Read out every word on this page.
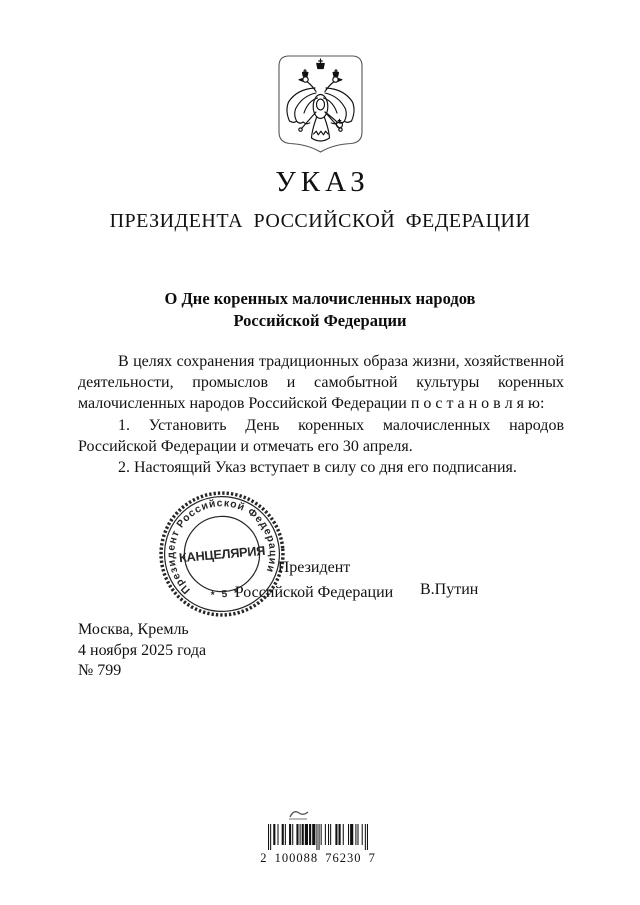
УКАЗ
ПРЕЗИДЕНТА РОССИЙСКОЙ ФЕДЕРАЦИИ
О Дне коренных малочисленных народов
Российской Федерации
В целях сохранения традиционных образа жизни, хозяйственной
деятельности, промыслов и самобытной культуры коренных
малочисленных народов Российской Федерации п о с т а н о в л я ю:
1. Установить День коренных малочисленных народов
Российской Федерации и отмечать его 30 апреля.
2. Настоящий Указ вступает в силу со дня его подписания.
Президент
Российской Федерации В.Путин
Президент Российской Федерации
* 5 *
КАНЦЕЛЯРИЯ
Москва, Кремль
4 ноября 2025 года
№ 799
2 100088 76230 7
